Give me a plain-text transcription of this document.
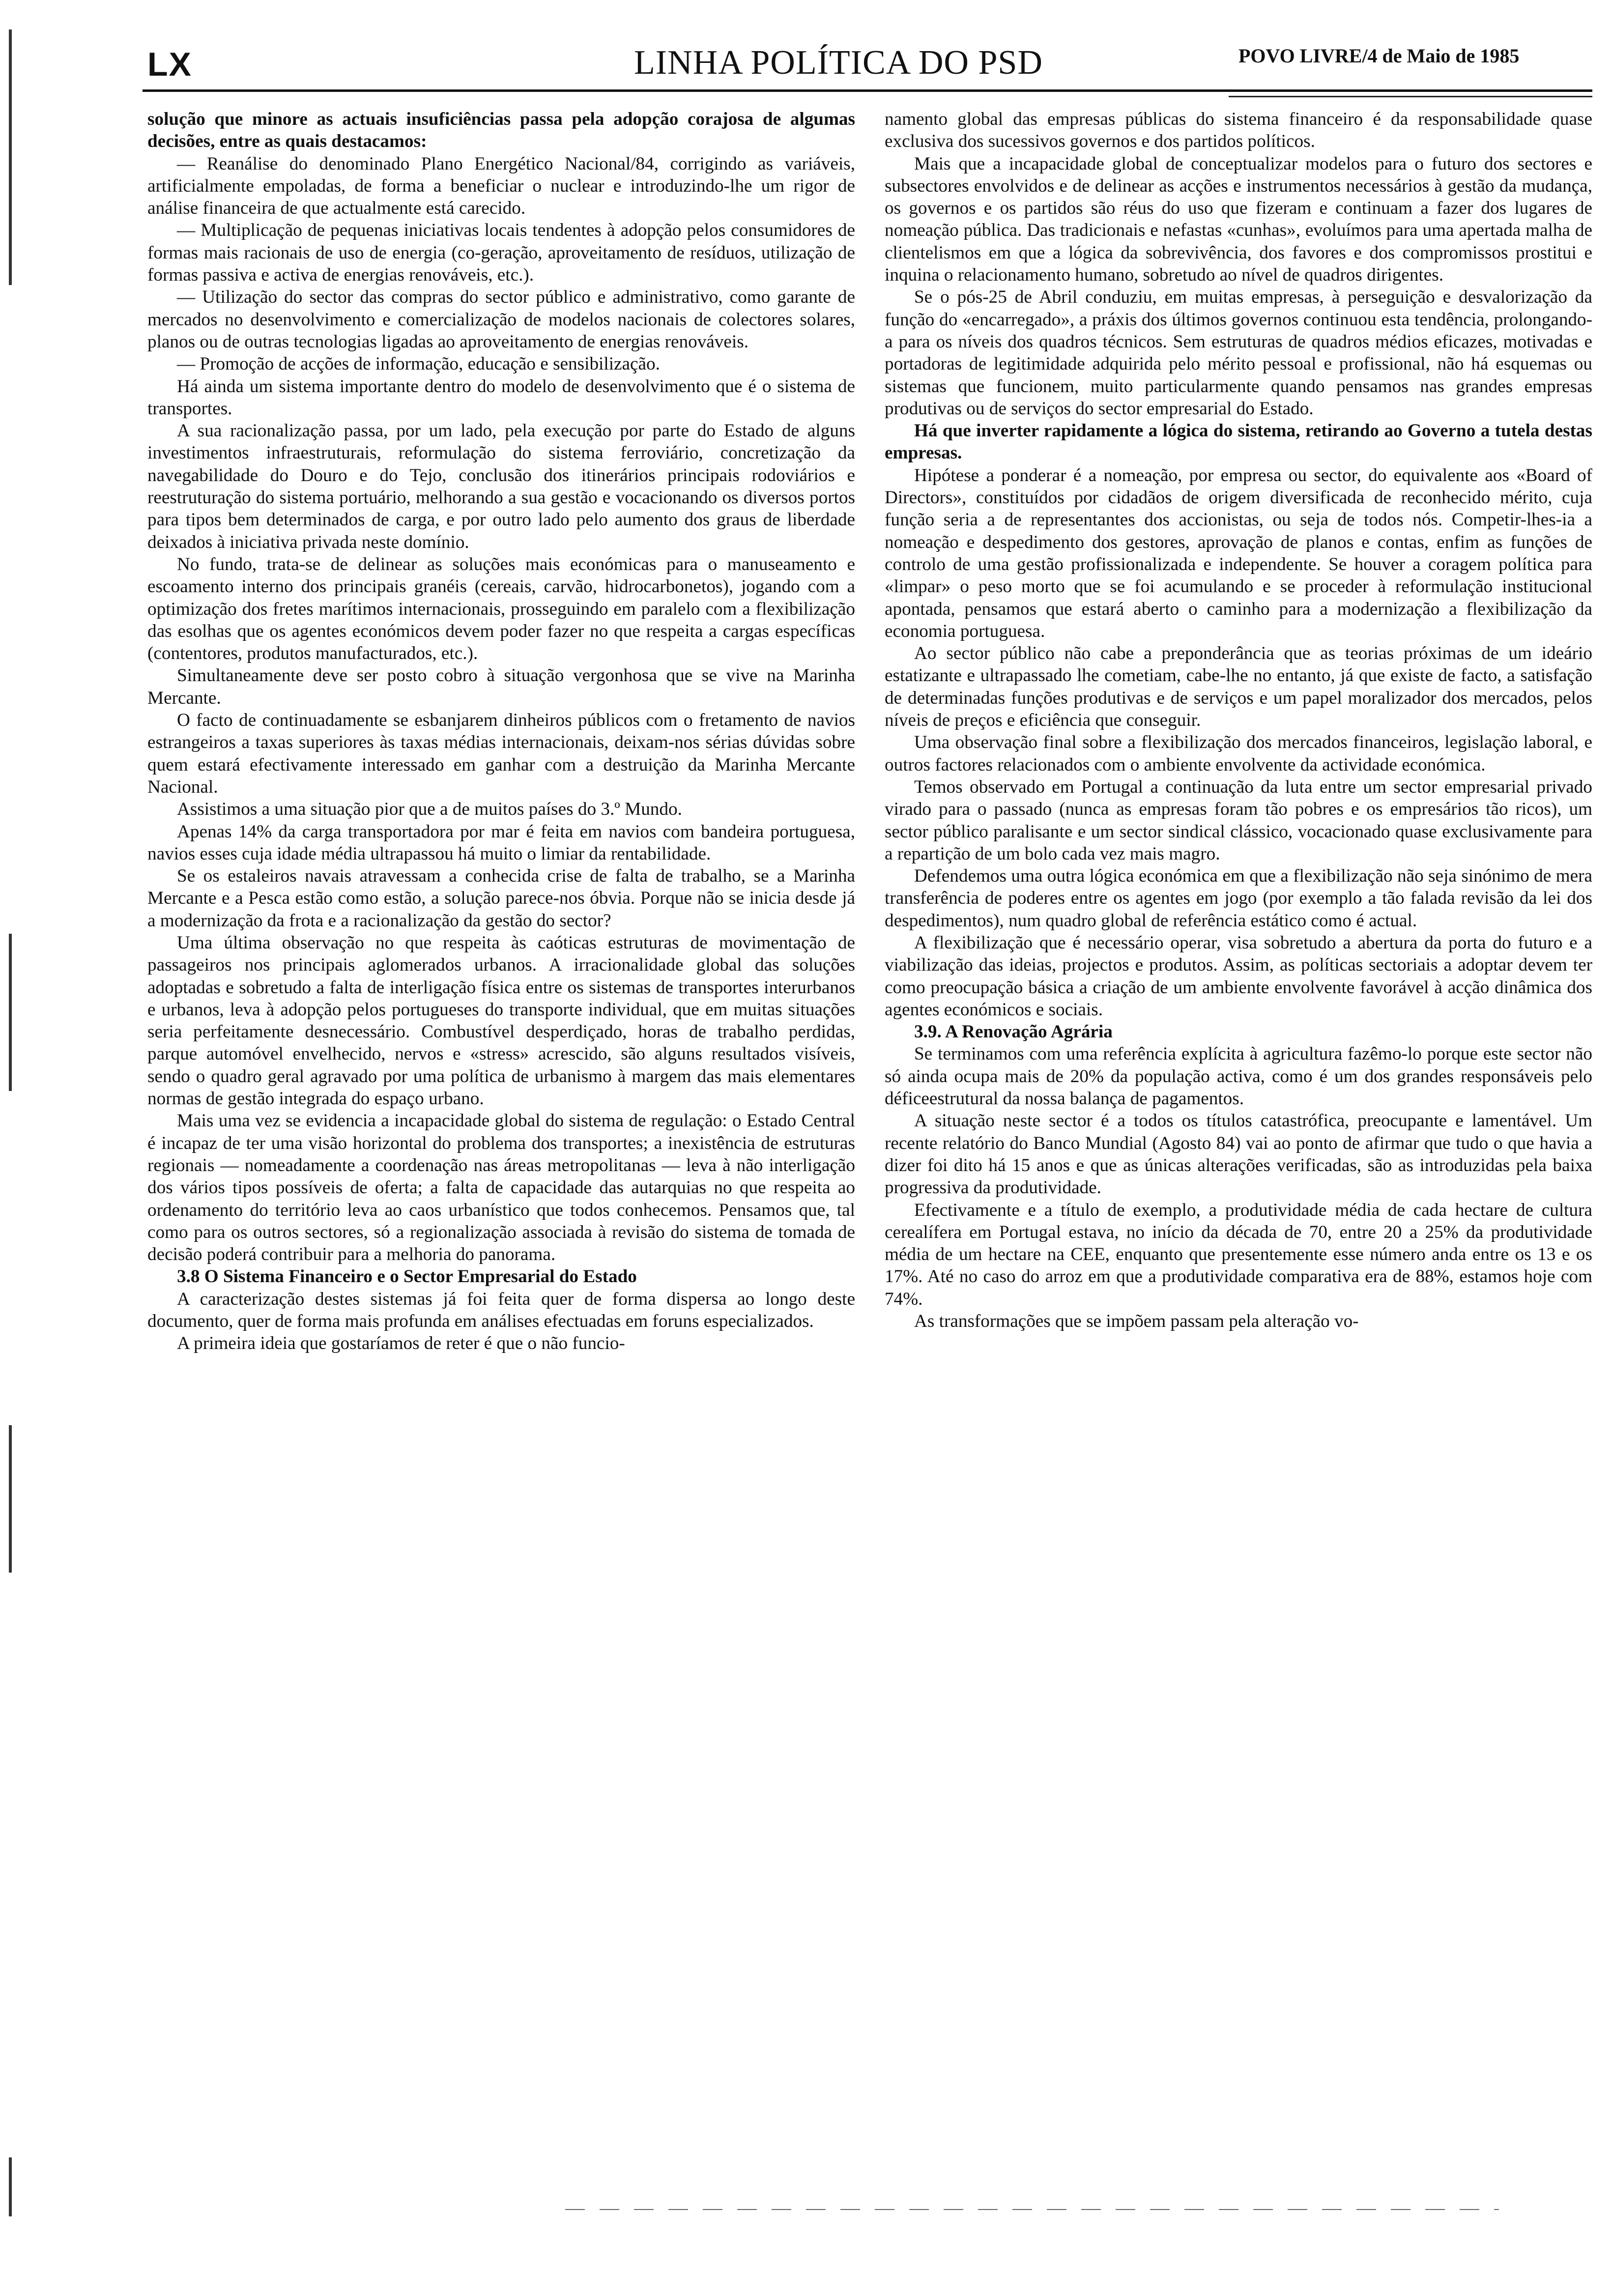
LX	LINHA POLÍTICA DO PSD	POVO LIVRE/4 de Maio de 1985

solução que minore as actuais insuficiências passa pela adopção corajosa de algumas decisões, entre as quais destacamos:

— Reanálise do denominado Plano Energético Nacional/84, corrigindo as variáveis, artificialmente empoladas, de forma a beneficiar o nuclear e introduzindo-lhe um rigor de análise financeira de que actualmente está carecido.

— Multiplicação de pequenas iniciativas locais tendentes à adopção pelos consumidores de formas mais racionais de uso de energia (co-geração, aproveitamento de resíduos, utilização de formas passiva e activa de energias renováveis, etc.).

— Utilização do sector das compras do sector público e administrativo, como garante de mercados no desenvolvimento e comercialização de modelos nacionais de colectores solares, planos ou de outras tecnologias ligadas ao aproveitamento de energias renováveis.

— Promoção de acções de informação, educação e sensibilização.

Há ainda um sistema importante dentro do modelo de desenvolvimento que é o sistema de transportes.

A sua racionalização passa, por um lado, pela execução por parte do Estado de alguns investimentos infraestruturais, reformulação do sistema ferroviário, concretização da navegabilidade do Douro e do Tejo, conclusão dos itinerários principais rodoviários e reestruturação do sistema portuário, melhorando a sua gestão e vocacionando os diversos portos para tipos bem determinados de carga, e por outro lado pelo aumento dos graus de liberdade deixados à iniciativa privada neste domínio.

No fundo, trata-se de delinear as soluções mais económicas para o manuseamento e escoamento interno dos principais granéis (cereais, carvão, hidrocarbonetos), jogando com a optimização dos fretes marítimos internacionais, prosseguindo em paralelo com a flexibilização das esolhas que os agentes económicos devem poder fazer no que respeita a cargas específicas (contentores, produtos manufacturados, etc.).

Simultaneamente deve ser posto cobro à situação vergonhosa que se vive na Marinha Mercante.

O facto de continuadamente se esbanjarem dinheiros públicos com o fretamento de navios estrangeiros a taxas superiores às taxas médias internacionais, deixam-nos sérias dúvidas sobre quem estará efectivamente interessado em ganhar com a destruição da Marinha Mercante Nacional.

Assistimos a uma situação pior que a de muitos países do 3.º Mundo.

Apenas 14% da carga transportadora por mar é feita em navios com bandeira portuguesa, navios esses cuja idade média ultrapassou há muito o limiar da rentabilidade.

Se os estaleiros navais atravessam a conhecida crise de falta de trabalho, se a Marinha Mercante e a Pesca estão como estão, a solução parece-nos óbvia. Porque não se inicia desde já a modernização da frota e a racionalização da gestão do sector?

Uma última observação no que respeita às caóticas estruturas de movimentação de passageiros nos principais aglomerados urbanos. A irracionalidade global das soluções adoptadas e sobretudo a falta de interligação física entre os sistemas de transportes interurbanos e urbanos, leva à adopção pelos portugueses do transporte individual, que em muitas situações seria perfeitamente desnecessário. Combustível desperdiçado, horas de trabalho perdidas, parque automóvel envelhecido, nervos e «stress» acrescido, são alguns resultados visíveis, sendo o quadro geral agravado por uma política de urbanismo à margem das mais elementares normas de gestão integrada do espaço urbano.

Mais uma vez se evidencia a incapacidade global do sistema de regulação: o Estado Central é incapaz de ter uma visão horizontal do problema dos transportes; a inexistência de estruturas regionais — nomeadamente a coordenação nas áreas metropolitanas — leva à não interligação dos vários tipos possíveis de oferta; a falta de capacidade das autarquias no que respeita ao ordenamento do território leva ao caos urbanístico que todos conhecemos. Pensamos que, tal como para os outros sectores, só a regionalização associada à revisão do sistema de tomada de decisão poderá contribuir para a melhoria do panorama.

3.8 O Sistema Financeiro e o Sector Empresarial do Estado

A caracterização destes sistemas já foi feita quer de forma dispersa ao longo deste documento, quer de forma mais profunda em análises efectuadas em foruns especializados.

A primeira ideia que gostaríamos de reter é que o não funcio-

namento global das empresas públicas do sistema financeiro é da responsabilidade quase exclusiva dos sucessivos governos e dos partidos políticos.

Mais que a incapacidade global de conceptualizar modelos para o futuro dos sectores e subsectores envolvidos e de delinear as acções e instrumentos necessários à gestão da mudança, os governos e os partidos são réus do uso que fizeram e continuam a fazer dos lugares de nomeação pública. Das tradicionais e nefastas «cunhas», evoluímos para uma apertada malha de clientelismos em que a lógica da sobrevivência, dos favores e dos compromissos prostitui e inquina o relacionamento humano, sobretudo ao nível de quadros dirigentes.

Se o pós-25 de Abril conduziu, em muitas empresas, à perseguição e desvalorização da função do «encarregado», a práxis dos últimos governos continuou esta tendência, prolongando-a para os níveis dos quadros técnicos. Sem estruturas de quadros médios eficazes, motivadas e portadoras de legitimidade adquirida pelo mérito pessoal e profissional, não há esquemas ou sistemas que funcionem, muito particularmente quando pensamos nas grandes empresas produtivas ou de serviços do sector empresarial do Estado.

Há que inverter rapidamente a lógica do sistema, retirando ao Governo a tutela destas empresas.

Hipótese a ponderar é a nomeação, por empresa ou sector, do equivalente aos «Board of Directors», constituídos por cidadãos de origem diversificada de reconhecido mérito, cuja função seria a de representantes dos accionistas, ou seja de todos nós. Competir-lhes-ia a nomeação e despedimento dos gestores, aprovação de planos e contas, enfim as funções de controlo de uma gestão profissionalizada e independente. Se houver a coragem política para «limpar» o peso morto que se foi acumulando e se proceder à reformulação institucional apontada, pensamos que estará aberto o caminho para a modernização a flexibilização da economia portuguesa.

Ao sector público não cabe a preponderância que as teorias próximas de um ideário estatizante e ultrapassado lhe cometiam, cabe-lhe no entanto, já que existe de facto, a satisfação de determinadas funções produtivas e de serviços e um papel moralizador dos mercados, pelos níveis de preços e eficiência que conseguir.

Uma observação final sobre a flexibilização dos mercados financeiros, legislação laboral, e outros factores relacionados com o ambiente envolvente da actividade económica.

Temos observado em Portugal a continuação da luta entre um sector empresarial privado virado para o passado (nunca as empresas foram tão pobres e os empresários tão ricos), um sector público paralisante e um sector sindical clássico, vocacionado quase exclusivamente para a repartição de um bolo cada vez mais magro.

Defendemos uma outra lógica económica em que a flexibilização não seja sinónimo de mera transferência de poderes entre os agentes em jogo (por exemplo a tão falada revisão da lei dos despedimentos), num quadro global de referência estático como é actual.

A flexibilização que é necessário operar, visa sobretudo a abertura da porta do futuro e a viabilização das ideias, projectos e produtos. Assim, as políticas sectoriais a adoptar devem ter como preocupação básica a criação de um ambiente envolvente favorável à acção dinâmica dos agentes económicos e sociais.

3.9. A Renovação Agrária

Se terminamos com uma referência explícita à agricultura fazêmo-lo porque este sector não só ainda ocupa mais de 20% da população activa, como é um dos grandes responsáveis pelo déficeestrutural da nossa balança de pagamentos.

A situação neste sector é a todos os títulos catastrófica, preocupante e lamentável. Um recente relatório do Banco Mundial (Agosto 84) vai ao ponto de afirmar que tudo o que havia a dizer foi dito há 15 anos e que as únicas alterações verificadas, são as introduzidas pela baixa progressiva da produtividade.

Efectivamente e a título de exemplo, a produtividade média de cada hectare de cultura cerealífera em Portugal estava, no início da década de 70, entre 20 a 25% da produtividade média de um hectare na CEE, enquanto que presentemente esse número anda entre os 13 e os 17%. Até no caso do arroz em que a produtividade comparativa era de 88%, estamos hoje com 74%.

As transformações que se impõem passam pela alteração vo-
